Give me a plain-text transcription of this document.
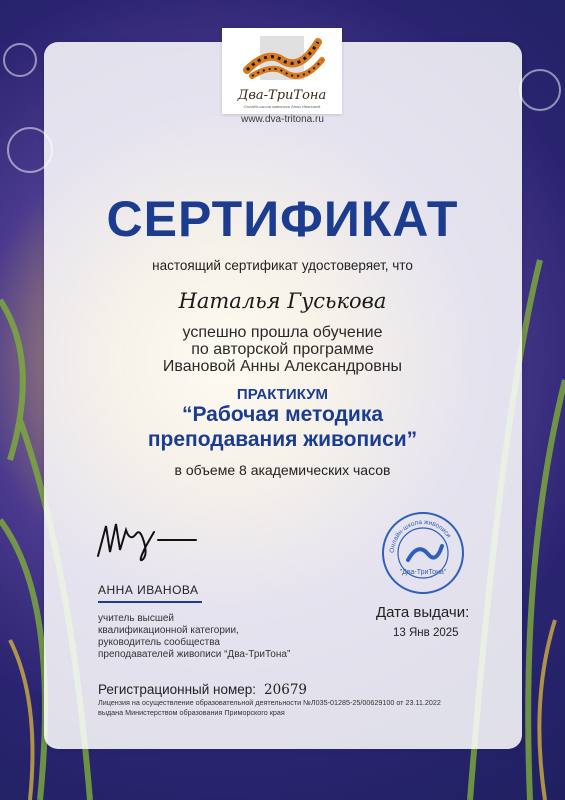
Два-ТриТона
Онлайн-школа живописи Анны Ивановой
www.dva-tritona.ru
СЕРТИФИКАТ
настоящий сертификат удостоверяет, что
Наталья Гуськова
успешно прошла обучение
по авторской программе
Ивановой Анны Александровны
ПРАКТИКУМ
“Рабочая методика
преподавания живописи”
в объеме 8 академических часов
АННА ИВАНОВА
учитель высшей
квалификационной категории,
руководитель сообщества
преподавателей живописи “Два-ТриТона”
Онлайн-школа живописи
"Два-ТриТона"
Дата выдачи:
13 Янв 2025
Регистрационный номер: 20679
Лицензия на осуществление образовательной деятельности №Л035-01285-25/00629100 от 23.11.2022
выдана Министерством образования Приморского края
